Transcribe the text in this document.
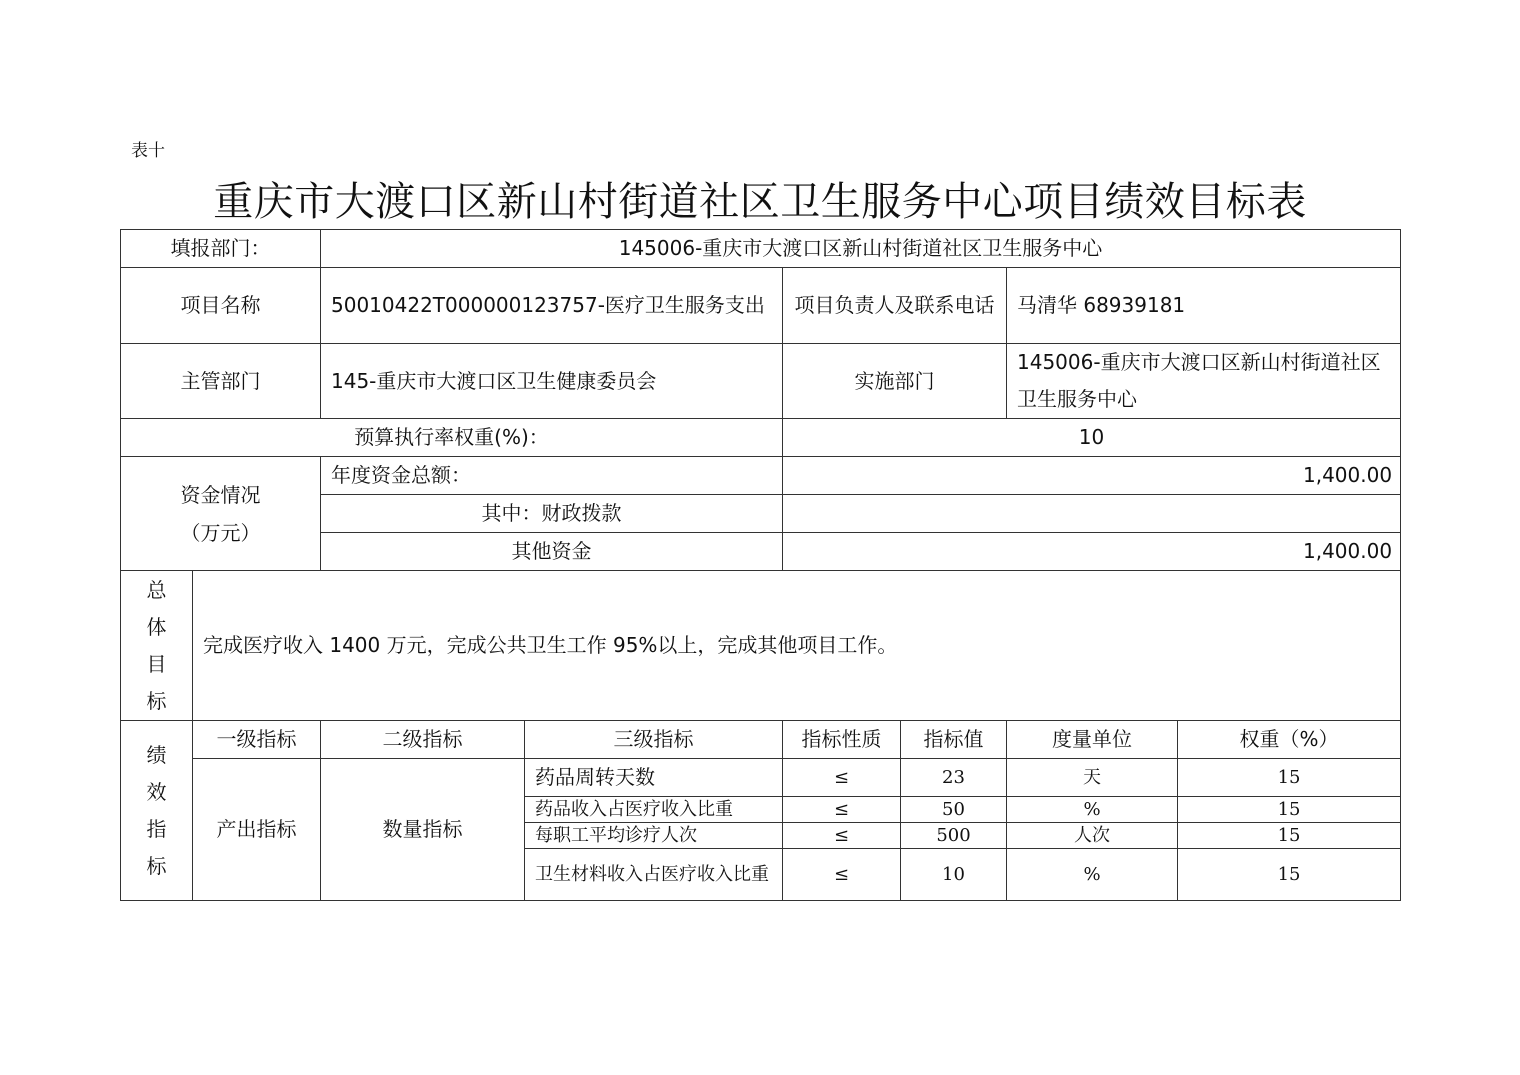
表十
重庆市大渡口区新山村街道社区卫生服务中心项目绩效目标表
填报部门：		145006-重庆市大渡口区新山村街道社区卫生服务中心					
项目名称		50010422T000000123757-医疗卫生服务支出		项目负责人及联系电话		马清华 68939181	
主管部门		145-重庆市大渡口区卫生健康委员会		实施部门		145006-重庆市大渡口区新山村街道社区卫生服务中心	
预算执行率权重(%)：				10			
资金情况（万元）		年度资金总额：		1,400.00			
		其中：财政拨款					
		其他资金		1,400.00			
总体目标	完成医疗收入 1400 万元，完成公共卫生工作 95%以上，完成其他项目工作。						
绩效指标	一级指标	二级指标	三级指标	指标性质	指标值	度量单位	权重（%）
	产出指标	数量指标	药品周转天数	≤	23	天	15
			药品收入占医疗收入比重	≤	50	%	15
			每职工平均诊疗人次	≤	500	人次	15
			卫生材料收入占医疗收入比重	≤	10	%	15
